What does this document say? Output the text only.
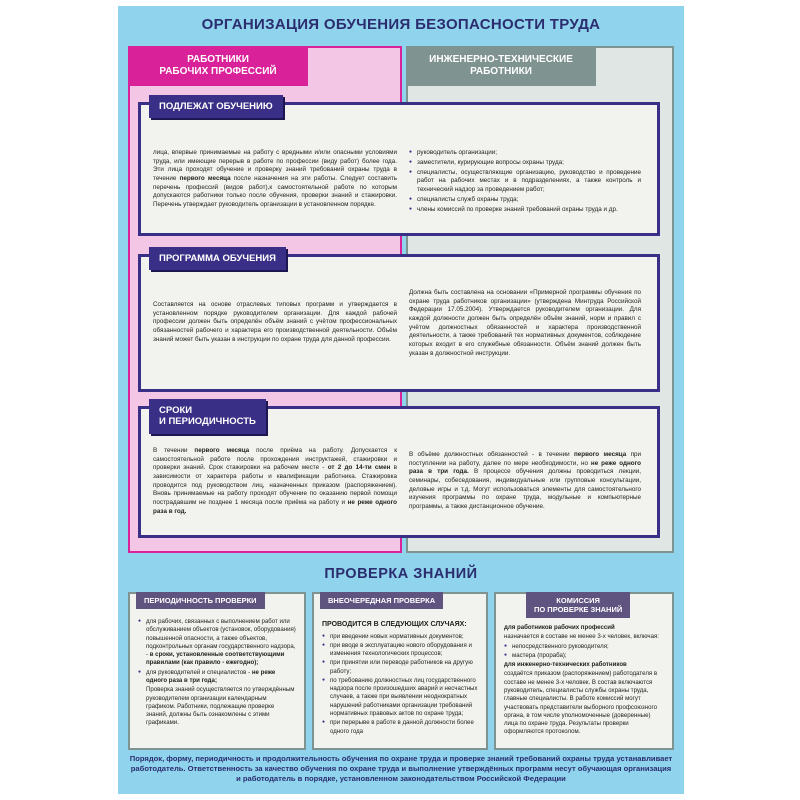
ОРГАНИЗАЦИЯ ОБУЧЕНИЯ БЕЗОПАСНОСТИ ТРУДА
РАБОТНИКИ
РАБОЧИХ ПРОФЕССИЙ
ИНЖЕНЕРНО-ТЕХНИЧЕСКИЕ
РАБОТНИКИ
ПОДЛЕЖАТ ОБУЧЕНИЮ

лица, впервые принимаемые на работу с вредными и/или опасными условиями труда, или имеющие перерыв в работе по профессии (виду работ) более года. Эти лица проходят обучение и проверку знаний требований охраны труда в течение первого месяца после назначения на эти работы. Следует составить перечень профессий (видов работ),к самостоятельной работе по которым допускаются работники только после обучения, проверки знаний и стажировки. Перечень утверждает руководитель организации в установленном порядке.

● руководитель организации;
● заместители, курирующие вопросы охраны труда;
● специалисты, осуществляющие организацию, руководство и проведение работ на рабочих местах и в подразделениях, а также контроль и технический надзор за проведением работ;
● специалисты служб охраны труда;
● члены комиссий по проверке знаний требований охраны труда и др.
ПРОГРАММА ОБУЧЕНИЯ
Составляется на основе отраслевых типовых программ и утверждается в установленном порядке руководителем организации. Для каждой рабочей профессии должен быть определён объём знаний с учётом профессиональных обязанностей рабочего и характера его производственной деятельности. Объём знаний может быть указан в инструкции по охране труда для данной профессии.
Должна быть составлена на основании «Примерной программы обучения по охране труда работников организации» (утверждена Минтруда Российской Федерации 17.05.2004). Утверждается руководителем организации. Для каждой должности должен быть определён объём знаний, норм и правил с учётом должностных обязанностей и характера производственной деятельности, а также требований тех нормативных документов, соблюдение которых входит в его служебные обязанности. Объём знаний должен быть указан в должностной инструкции.
СРОКИ
И ПЕРИОДИЧНОСТЬ

В течении первого месяца после приёма на работу. Допускается к самостоятельной работе после прохождения инструктажей, стажировки и проверки знаний. Срок стажировки на рабочем месте - от 2 до 14-ти смен в зависимости от характера работы и квалификации работника. Стажировка проводится под руководством лиц, назначенных приказом (распоряжением). Вновь принимаемые на работу проходят обучение по оказанию первой помощи пострадавшим не позднее 1 месяца после приёма на работу и не реже одного раза в год.

В объёме должностных обязанностей - в течении первого месяца при поступлении на работу, далее по мере необходимости, но не реже одного раза в три года. В процессе обучения должны проводиться лекции, семинары, собеседования, индивидуальные или групповые консультации, деловые игры и т.д. Могут использоваться элементы для самостоятельного изучения программы по охране труда, модульные и компьютерные программы, а также дистанционное обучение.

ПРОВЕРКА ЗНАНИЙ
ПЕРИОДИЧНОСТЬ ПРОВЕРКИ
● для рабочих, связанных с выполнением работ или обслуживанием объектов (установок, оборудования) повышенной опасности, а также объектов, подконтрольных органам государственного надзора, - в сроки, установленные соответствующими правилами (как правило - ежегодно);
● для руководителей и специалистов - не реже одного раза в три года;

Проверка знаний осуществляется по утверждённым руководителем организации календарным графиком. Работники, подлежащие проверке знаний, должны быть ознакомлены с этими графиками.

ВНЕОЧЕРЕДНАЯ ПРОВЕРКА

ПРОВОДИТСЯ В СЛЕДУЮЩИХ СЛУЧАЯХ:

● при введении новых нормативных документов;
● при вводе в эксплуатацию нового оборудования и изменения технологических процессов;
● при принятии или переводе работников на другую работу;
● по требованию должностных лиц государственного надзора после произошедших аварий и несчастных случаев, а также при выявлении неоднократных нарушений работниками организации требований нормативных правовых актов по охране труда;
● при перерыве в работе в данной должности более одного года
КОМИССИЯ
ПО ПРОВЕРКЕ ЗНАНИЙ

для работников рабочих профессий

назначается в составе не менее 3-х человек, включая:

● непосредственного руководителя;
● мастера (прораба);

для инженерно-технических работников

создаётся приказом (распоряжением) работодателя в составе не менее 3-х человек. В состав включаются руководитель, специалисты службы охраны труда, главные специалисты. В работе комиссий могут участвовать представители выборного профсоюзного органа, в том числе уполномоченные (доверенные) лица по охране труда. Результаты проверки оформляются протоколом.

Порядок, форму, периодичность и продолжительность обучения по охране труда и проверке знаний требований охраны труда устанавливает работодатель. Ответственность за качество обучения по охране труда и выполнение утверждённых программ несут обучающая организация и работодатель в порядке, установленном законодательством Российской Федерации
